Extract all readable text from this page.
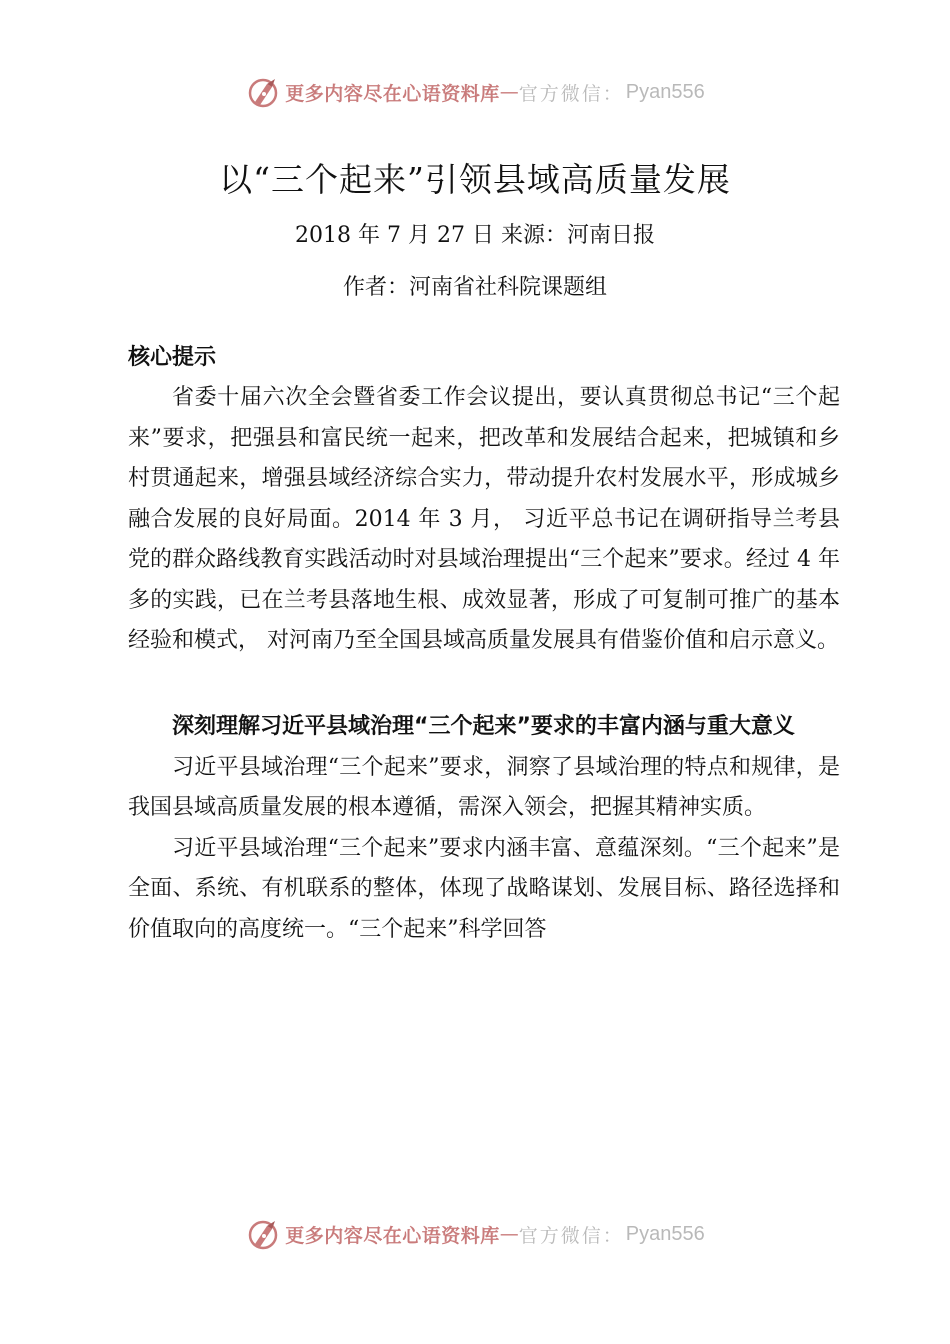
更多内容尽在心语资料库 — 官方微信： Pyan556
以“三个起来”引领县域高质量发展
2018 年 7 月 27 日 来源：河南日报
作者：河南省社科院课题组
核心提示

省委十届六次全会暨省委工作会议提出，要认真贯彻总书记“三个起来”要求，把强县和富民统一起来，把改革和发展结合起来，把城镇和乡村贯通起来，增强县域经济综合实力，带动提升农村发展水平，形成城乡融合发展的良好局面。2014 年 3 月， 习近平总书记在调研指导兰考县党的群众路线教育实践活动时对县域治理提出“三个起来”要求。经过 4 年多的实践，已在兰考县落地生根、成效显著，形成了可复制可推广的基本经验和模式， 对河南乃至全国县域高质量发展具有借鉴价值和启示意义。

深刻理解习近平县域治理“三个起来”要求的丰富内涵与重大意义

习近平县域治理“三个起来”要求，洞察了县域治理的特点和规律，是我国县域高质量发展的根本遵循，需深入领会，把握其精神实质。

习近平县域治理“三个起来”要求内涵丰富、意蕴深刻。“三个起来”是全面、系统、有机联系的整体，体现了战略谋划、发展目标、路径选择和价值取向的高度统一。“三个起来”科学回答

更多内容尽在心语资料库 — 官方微信： Pyan556
